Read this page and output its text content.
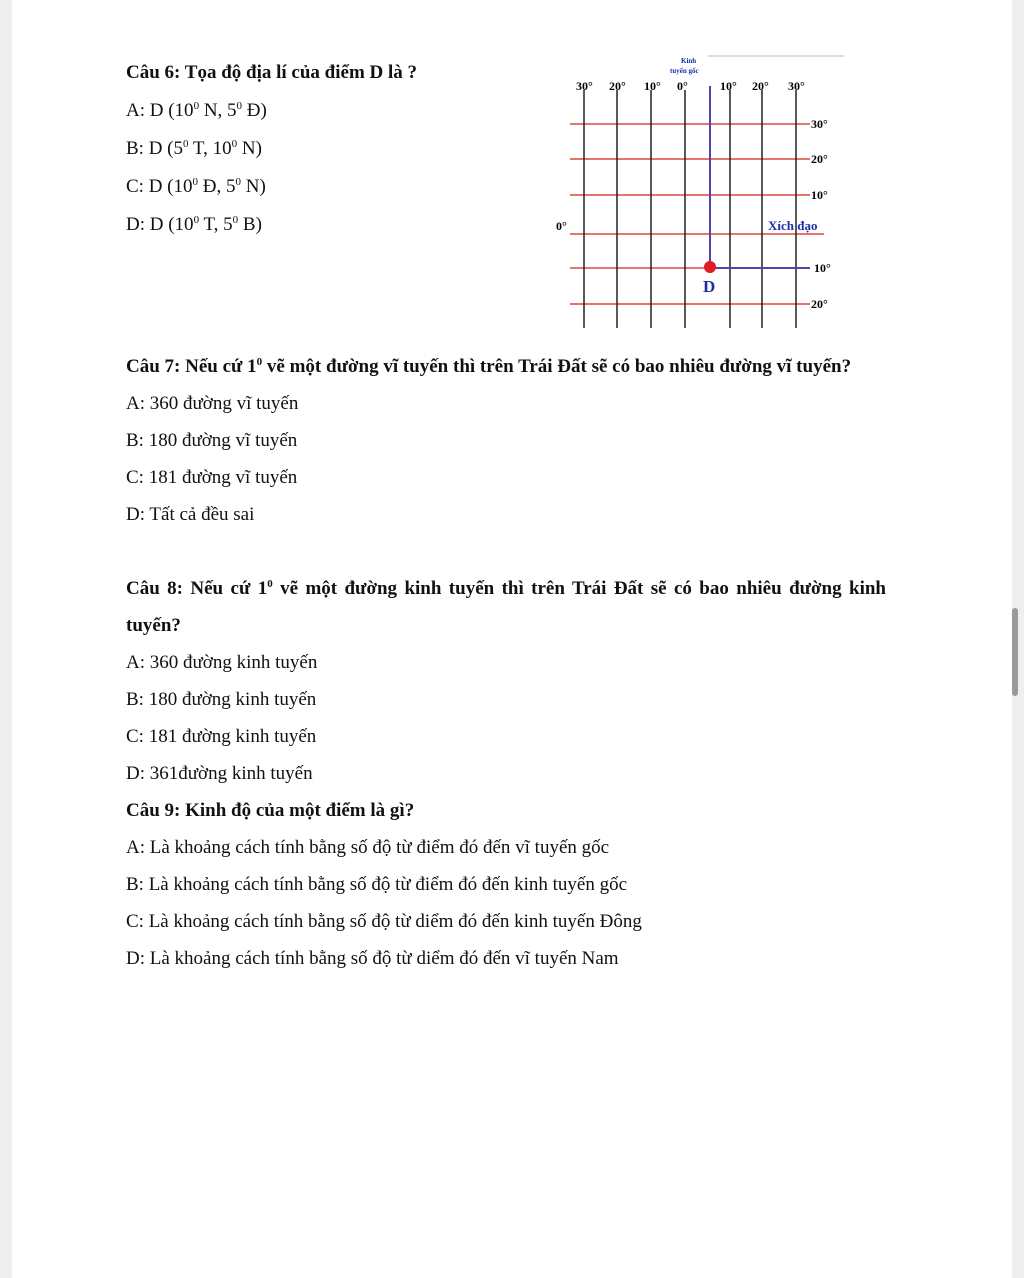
Câu 6: Tọa độ địa lí của điểm D là ?
A: D ($10^0$ N, $5^0$ Đ)
B: D ($5^0$ T, $10^0$ N)
C: D ($10^0$ Đ, $5^0$ N)
D: D ($10^0$ T, $5^0$ B)
30° 20° 10° 0°	10° 20° 30°
Kinh
tuyến gốc
30°
20°
10°
10°
20°
0°	Xích đạo
D
Câu 7: Nếu cứ $1^0$ vẽ một đường vĩ tuyến thì trên Trái Đất sẽ có bao nhiêu đường vĩ tuyến?
A: 360 đường vĩ tuyến
B: 180 đường vĩ tuyến
C: 181 đường vĩ tuyến
D: Tất cả đều sai
Câu 8: Nếu cứ $1^0$ vẽ một đường kinh tuyến thì trên Trái Đất sẽ có bao nhiêu đường kinh tuyến?
A: 360 đường kinh tuyến
B: 180 đường kinh tuyến
C: 181 đường kinh tuyến
D: 361đường kinh tuyến
Câu 9: Kinh độ của một điểm là gì?
A: Là khoảng cách tính bằng số độ từ điểm đó đến vĩ tuyến gốc
B: Là khoảng cách tính bằng số độ từ điểm đó đến kinh tuyến gốc
C: Là khoảng cách tính bằng số độ từ diểm đó đến kinh tuyến Đông
D: Là khoảng cách tính bằng số độ từ diểm đó đến vĩ tuyến Nam
